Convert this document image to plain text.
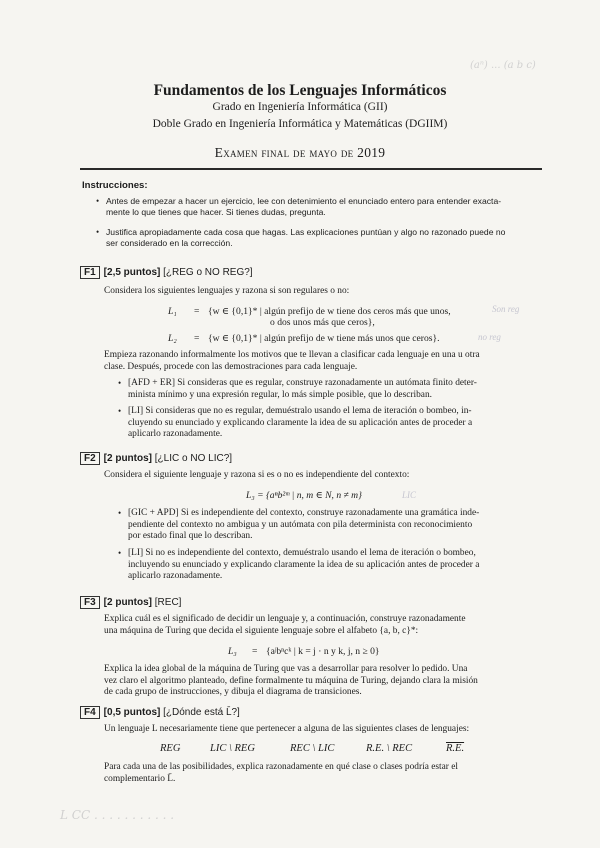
(aⁿ) ... (a b c)
L CC . . . . . . . . . . .
Fundamentos de los Lenguajes Informáticos
Grado en Ingeniería Informática (GII)
Doble Grado en Ingeniería Informática y Matemáticas (DGIIM)
Examen final de mayo de 2019
Instrucciones:
• Antes de empezar a hacer un ejercicio, lee con detenimiento el enunciado entero para entender exacta-
mente lo que tienes que hacer. Si tienes dudas, pregunta.
• Justifica apropiadamente cada cosa que hagas. Las explicaciones puntúan y algo no razonado puede no
ser considerado en la corrección.
F1 [2,5 puntos] [¿REG o NO REG?]
Considera los siguientes lenguajes y razona si son regulares o no:
L₁ = {w ∈ {0,1}* | algún prefijo de w tiene dos ceros más que unos,
o dos unos más que ceros},
L₂ = {w ∈ {0,1}* | algún prefijo de w tiene más unos que ceros}.
Son reg
no reg
Empieza razonando informalmente los motivos que te llevan a clasificar cada lenguaje en una u otra
clase. Después, procede con las demostraciones para cada lenguaje.
• [AFD + ER] Si consideras que es regular, construye razonadamente un autómata finito deter-
minista mínimo y una expresión regular, lo más simple posible, que lo describan.
• [LI] Si consideras que no es regular, demuéstralo usando el lema de iteración o bombeo, in-
cluyendo su enunciado y explicando claramente la idea de su aplicación antes de proceder a
aplicarlo razonadamente.
F2 [2 puntos] [¿LIC o NO LIC?]
Considera el siguiente lenguaje y razona si es o no es independiente del contexto:
L₃ = {aⁿb²ᵐ | n, m ∈ N, n ≠ m}	LIC
• [GIC + APD] Si es independiente del contexto, construye razonadamente una gramática inde-
pendiente del contexto no ambigua y un autómata con pila determinista con reconocimiento
por estado final que lo describan.
• [LI] Si no es independiente del contexto, demuéstralo usando el lema de iteración o bombeo,
incluyendo su enunciado y explicando claramente la idea de su aplicación antes de proceder a
aplicarlo razonadamente.
F3 [2 puntos] [REC]
Explica cuál es el significado de decidir un lenguaje y, a continuación, construye razonadamente
una máquina de Turing que decida el siguiente lenguaje sobre el alfabeto {a, b, c}*:
L₃ = {aʲbⁿcᵏ | k = j · n y k, j, n ≥ 0}
Explica la idea global de la máquina de Turing que vas a desarrollar para resolver lo pedido. Una
vez claro el algoritmo planteado, define formalmente tu máquina de Turing, dejando clara la misión
de cada grupo de instrucciones, y dibuja el diagrama de transiciones.
F4 [0,5 puntos] [¿Dónde está L̄?]
Un lenguaje L necesariamente tiene que pertenecer a alguna de las siguientes clases de lenguajes:
REG	LIC \ REG	REC \ LIC	R.E. \ REC	R.E.
Para cada una de las posibilidades, explica razonadamente en qué clase o clases podría estar el
complementario L̄.
